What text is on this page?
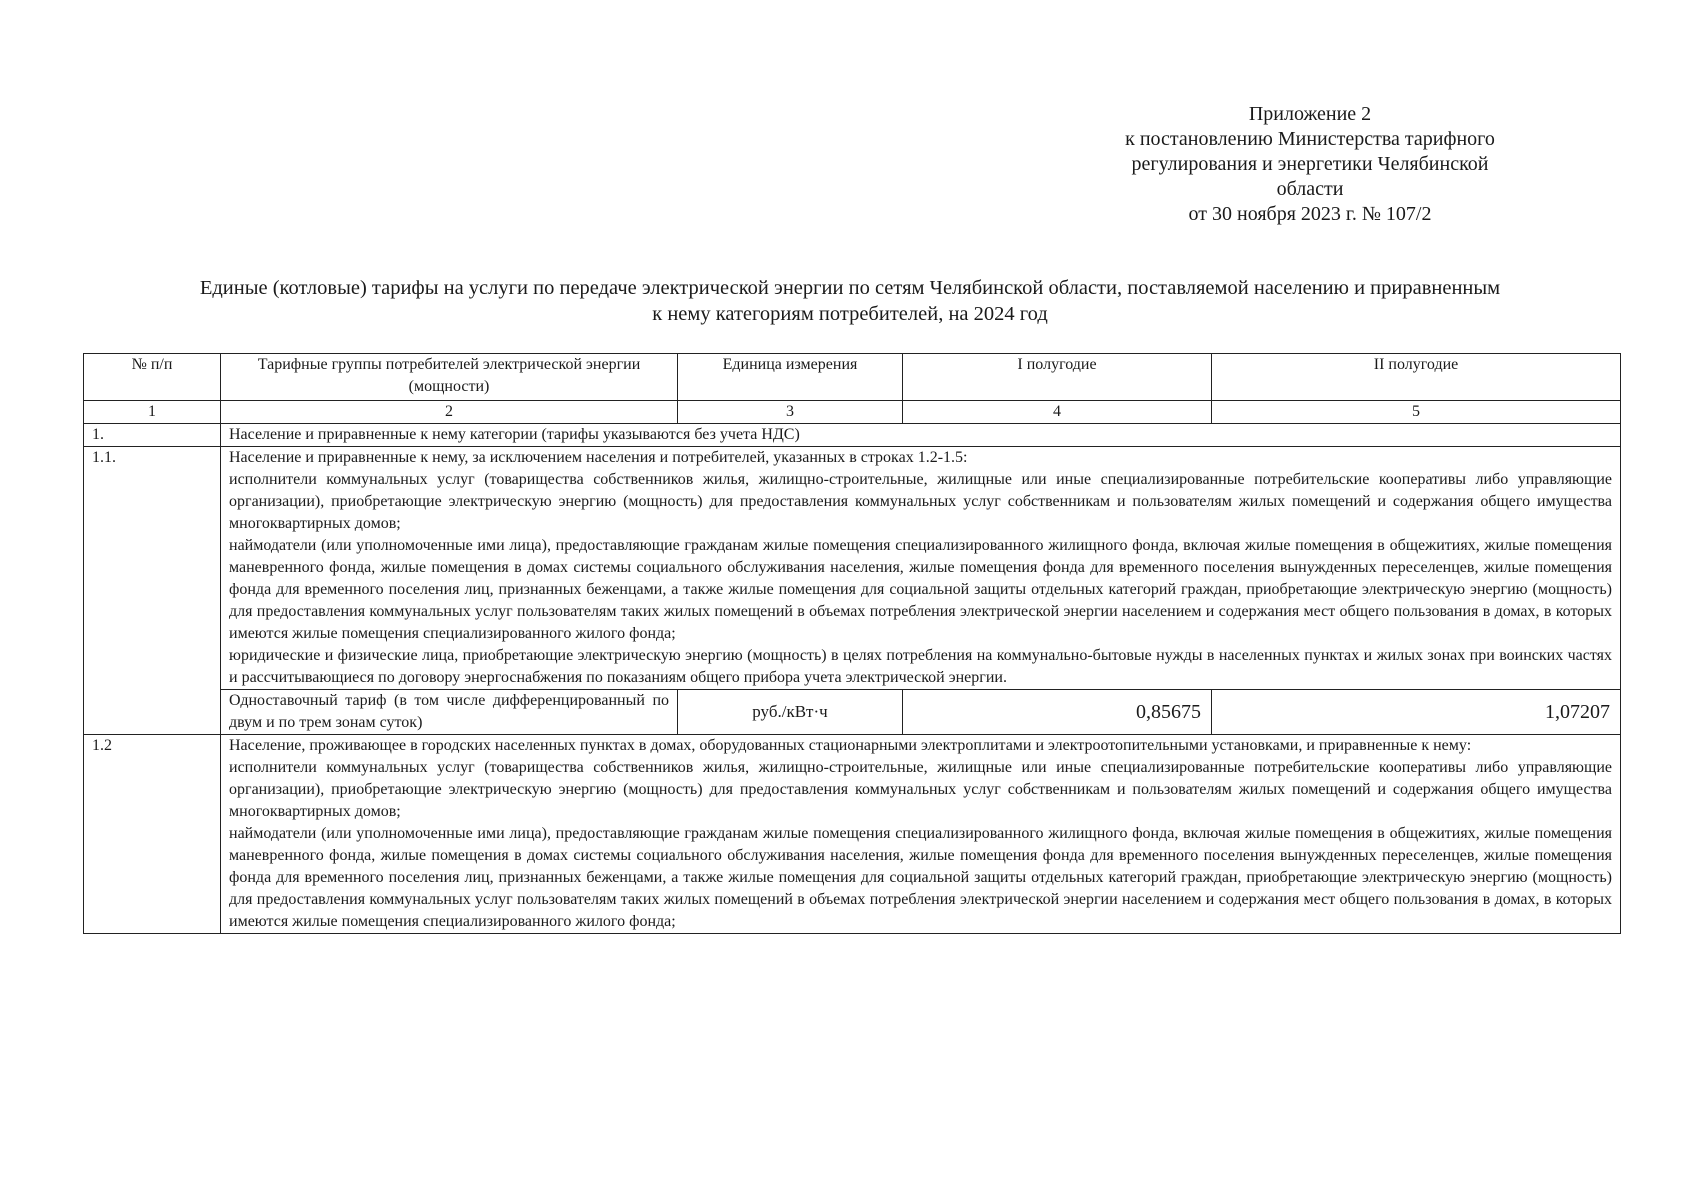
Приложение 2
к постановлению Министерства тарифного
регулирования и энергетики Челябинской
области
от 30 ноября 2023 г. № 107/2
Единые (котловые) тарифы на услуги по передаче электрической энергии по сетям Челябинской области, поставляемой населению и приравненным
к нему категориям потребителей, на 2024 год
№ п/п	Тарифные группы потребителей электрической энергии (мощности)	Единица измерения	I полугодие	II полугодие
1	2	3	4	5
1.	Население и приравненные к нему категории (тарифы указываются без учета НДС)			
1.1.	Население и приравненные к нему, за исключением населения и потребителей, указанных в строках 1.2-1.5:
исполнители коммунальных услуг (товарищества собственников жилья, жилищно-строительные, жилищные или иные специализированные потребительские кооперативы либо управляющие организации), приобретающие электрическую энергию (мощность) для предоставления коммунальных услуг собственникам и пользователям жилых помещений и содержания общего имущества многоквартирных домов;
наймодатели (или уполномоченные ими лица), предоставляющие гражданам жилые помещения специализированного жилищного фонда, включая жилые помещения в общежитиях, жилые помещения маневренного фонда, жилые помещения в домах системы социального обслуживания населения, жилые помещения фонда для временного поселения вынужденных переселенцев, жилые помещения фонда для временного поселения лиц, признанных беженцами, а также жилые помещения для социальной защиты отдельных категорий граждан, приобретающие электрическую энергию (мощность) для предоставления коммунальных услуг пользователям таких жилых помещений в объемах потребления электрической энергии населением и содержания мест общего пользования в домах, в которых имеются жилые помещения специализированного жилого фонда;
юридические и физические лица, приобретающие электрическую энергию (мощность) в целях потребления на коммунально-бытовые нужды в населенных пунктах и жилых зонах при воинских частях и рассчитывающиеся по договору энергоснабжения по показаниям общего прибора учета электрической энергии.			

	Одноставочный тариф (в том числе дифференцированный по двум и по трем зонам суток)	руб./кВт·ч	0,85675	1,07207
1.2	Население, проживающее в городских населенных пунктах в домах, оборудованных стационарными электроплитами и электроотопительными установками, и приравненные к нему:
исполнители коммунальных услуг (товарищества собственников жилья, жилищно-строительные, жилищные или иные специализированные потребительские кооперативы либо управляющие организации), приобретающие электрическую энергию (мощность) для предоставления коммунальных услуг собственникам и пользователям жилых помещений и содержания общего имущества многоквартирных домов;
наймодатели (или уполномоченные ими лица), предоставляющие гражданам жилые помещения специализированного жилищного фонда, включая жилые помещения в общежитиях, жилые помещения маневренного фонда, жилые помещения в домах системы социального обслуживания населения, жилые помещения фонда для временного поселения вынужденных переселенцев, жилые помещения фонда для временного поселения лиц, признанных беженцами, а также жилые помещения для социальной защиты отдельных категорий граждан, приобретающие электрическую энергию (мощность) для предоставления коммунальных услуг пользователям таких жилых помещений в объемах потребления электрической энергии населением и содержания мест общего пользования в домах, в которых имеются жилые помещения специализированного жилого фонда;			
